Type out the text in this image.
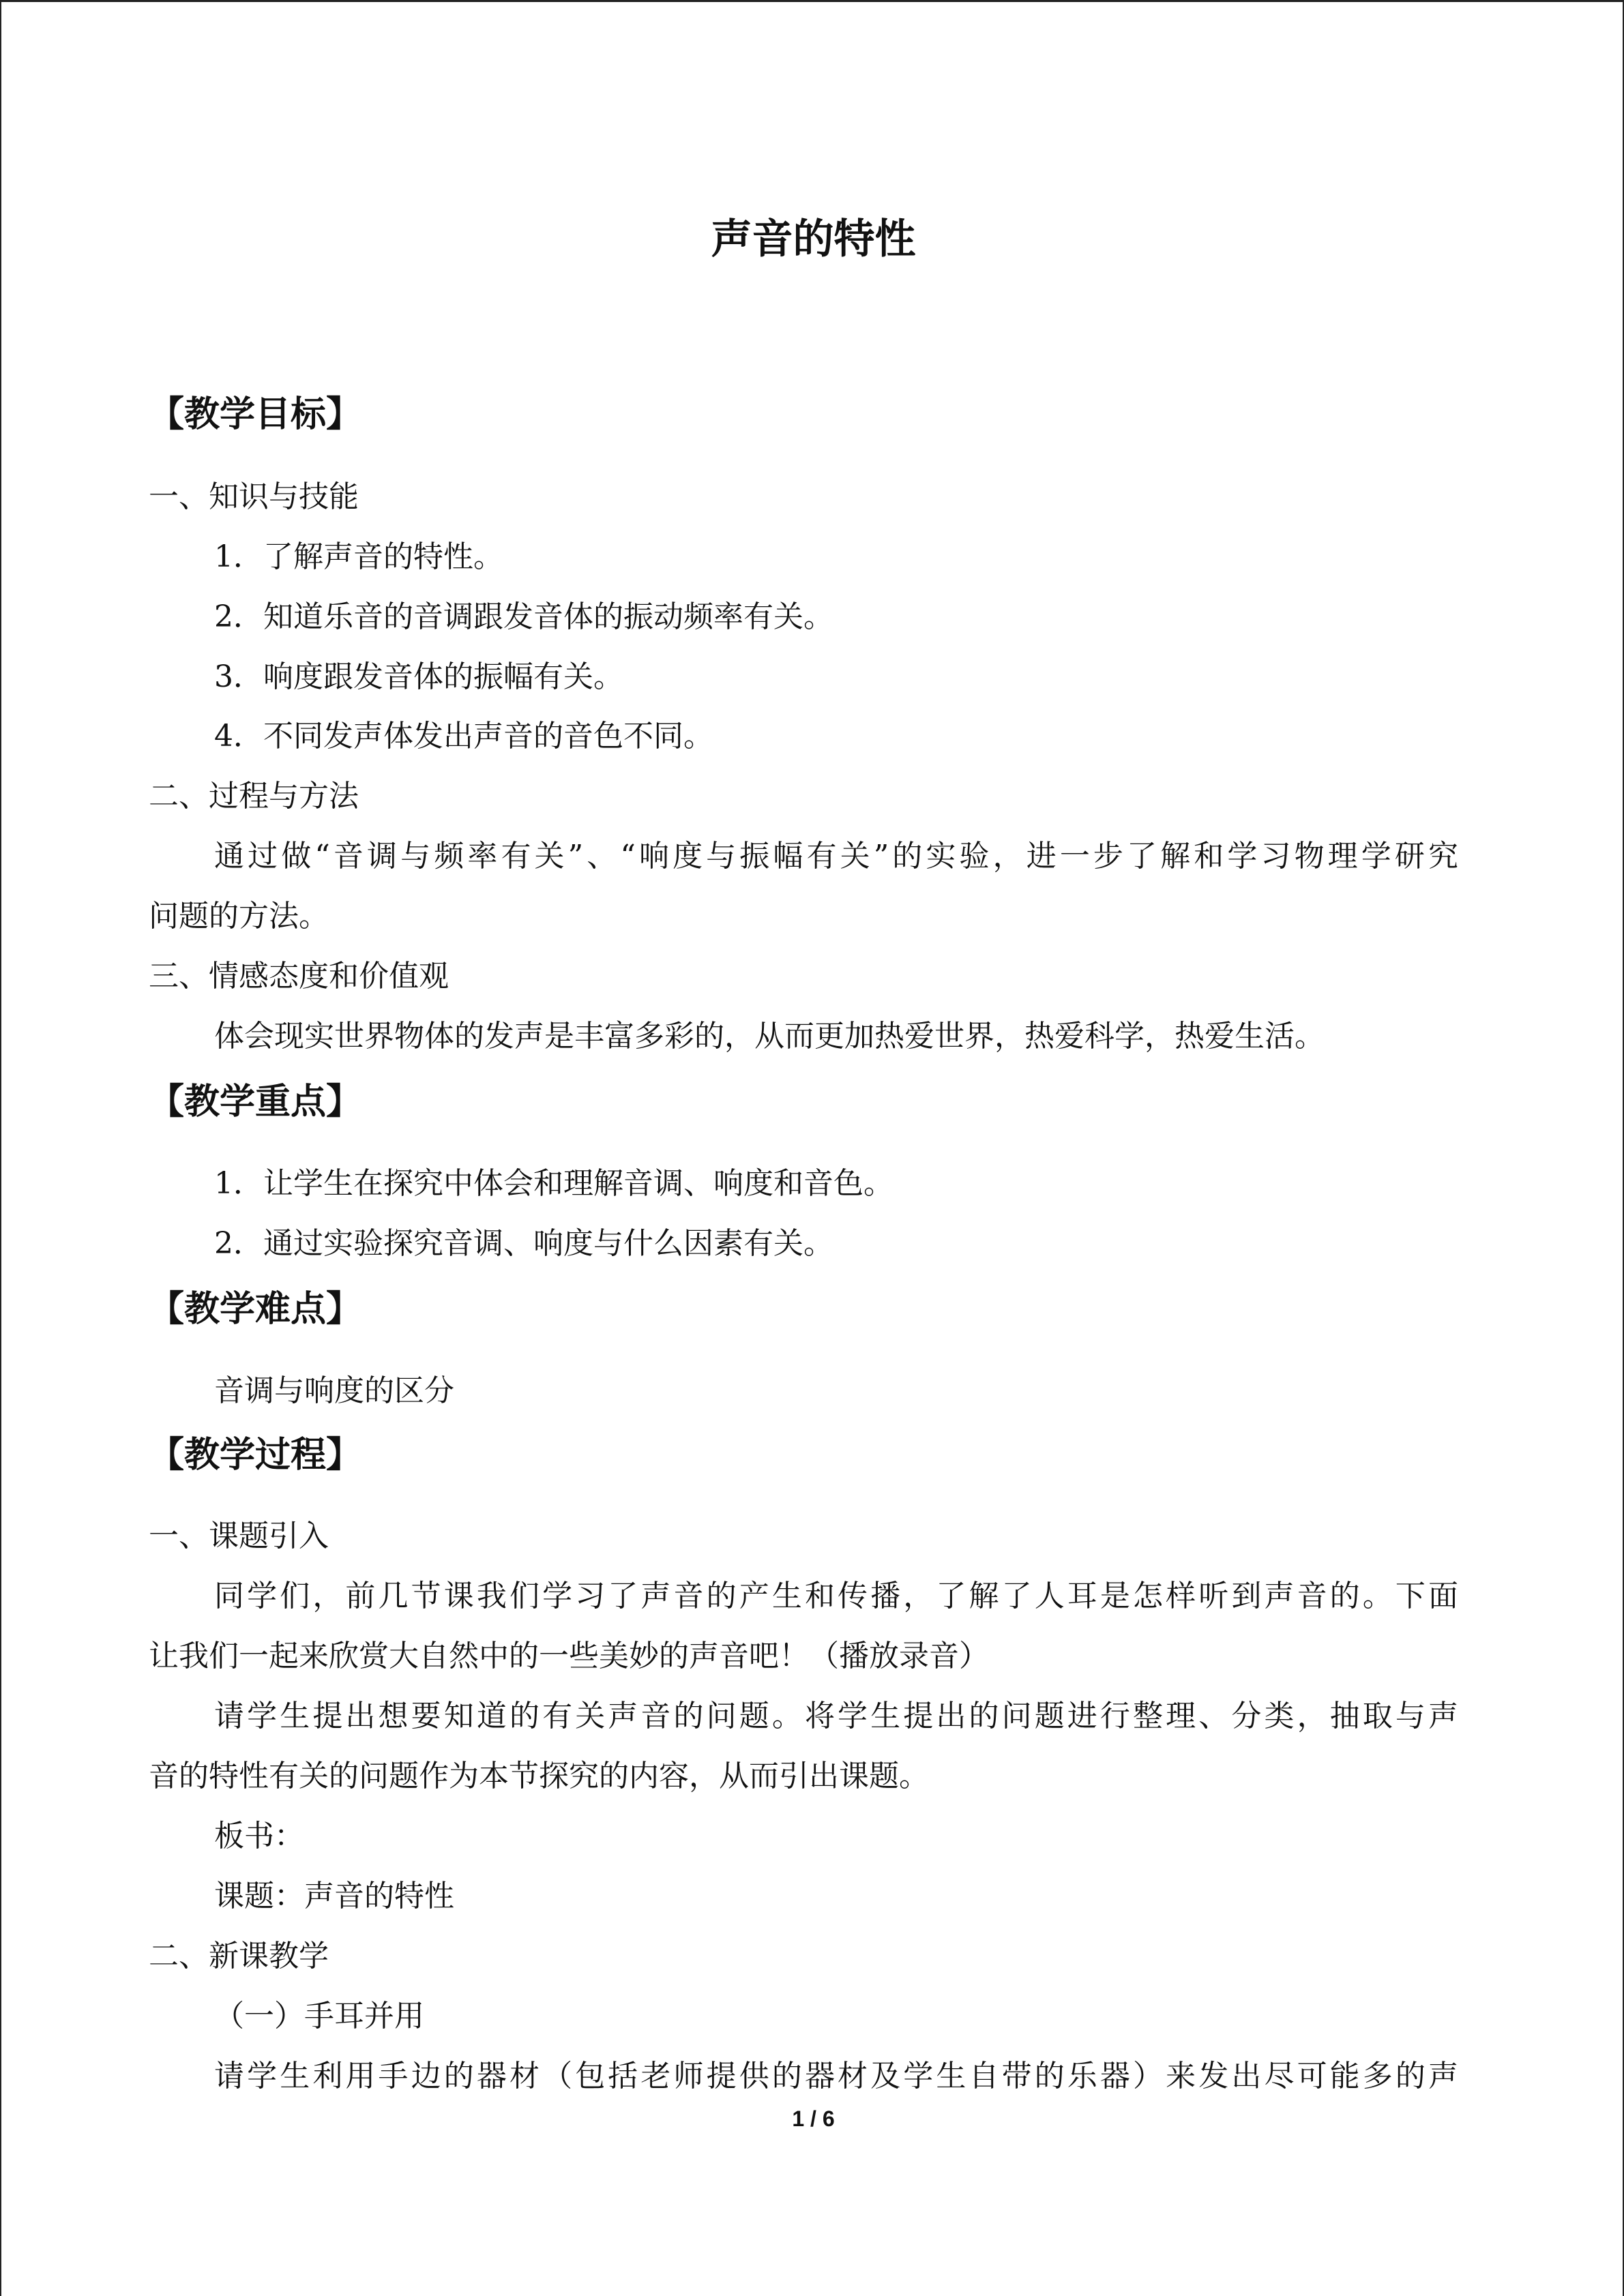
声音的特性

【教学目标】

一、知识与技能

1．了解声音的特性。

2．知道乐音的音调跟发音体的振动频率有关。

3．响度跟发音体的振幅有关。

4．不同发声体发出声音的音色不同。

二、过程与方法

通过做“音调与频率有关”、“响度与振幅有关”的实验，进一步了解和学习物理学研究

问题的方法。

三、情感态度和价值观

体会现实世界物体的发声是丰富多彩的，从而更加热爱世界，热爱科学，热爱生活。

【教学重点】

1．让学生在探究中体会和理解音调、响度和音色。

2．通过实验探究音调、响度与什么因素有关。

【教学难点】

音调与响度的区分

【教学过程】

一、课题引入

同学们，前几节课我们学习了声音的产生和传播，了解了人耳是怎样听到声音的。下面

让我们一起来欣赏大自然中的一些美妙的声音吧！（播放录音）

请学生提出想要知道的有关声音的问题。将学生提出的问题进行整理、分类，抽取与声

音的特性有关的问题作为本节探究的内容，从而引出课题。

板书：

课题：声音的特性

二、新课教学

（一）手耳并用

请学生利用手边的器材（包括老师提供的器材及学生自带的乐器）来发出尽可能多的声

1 / 6
